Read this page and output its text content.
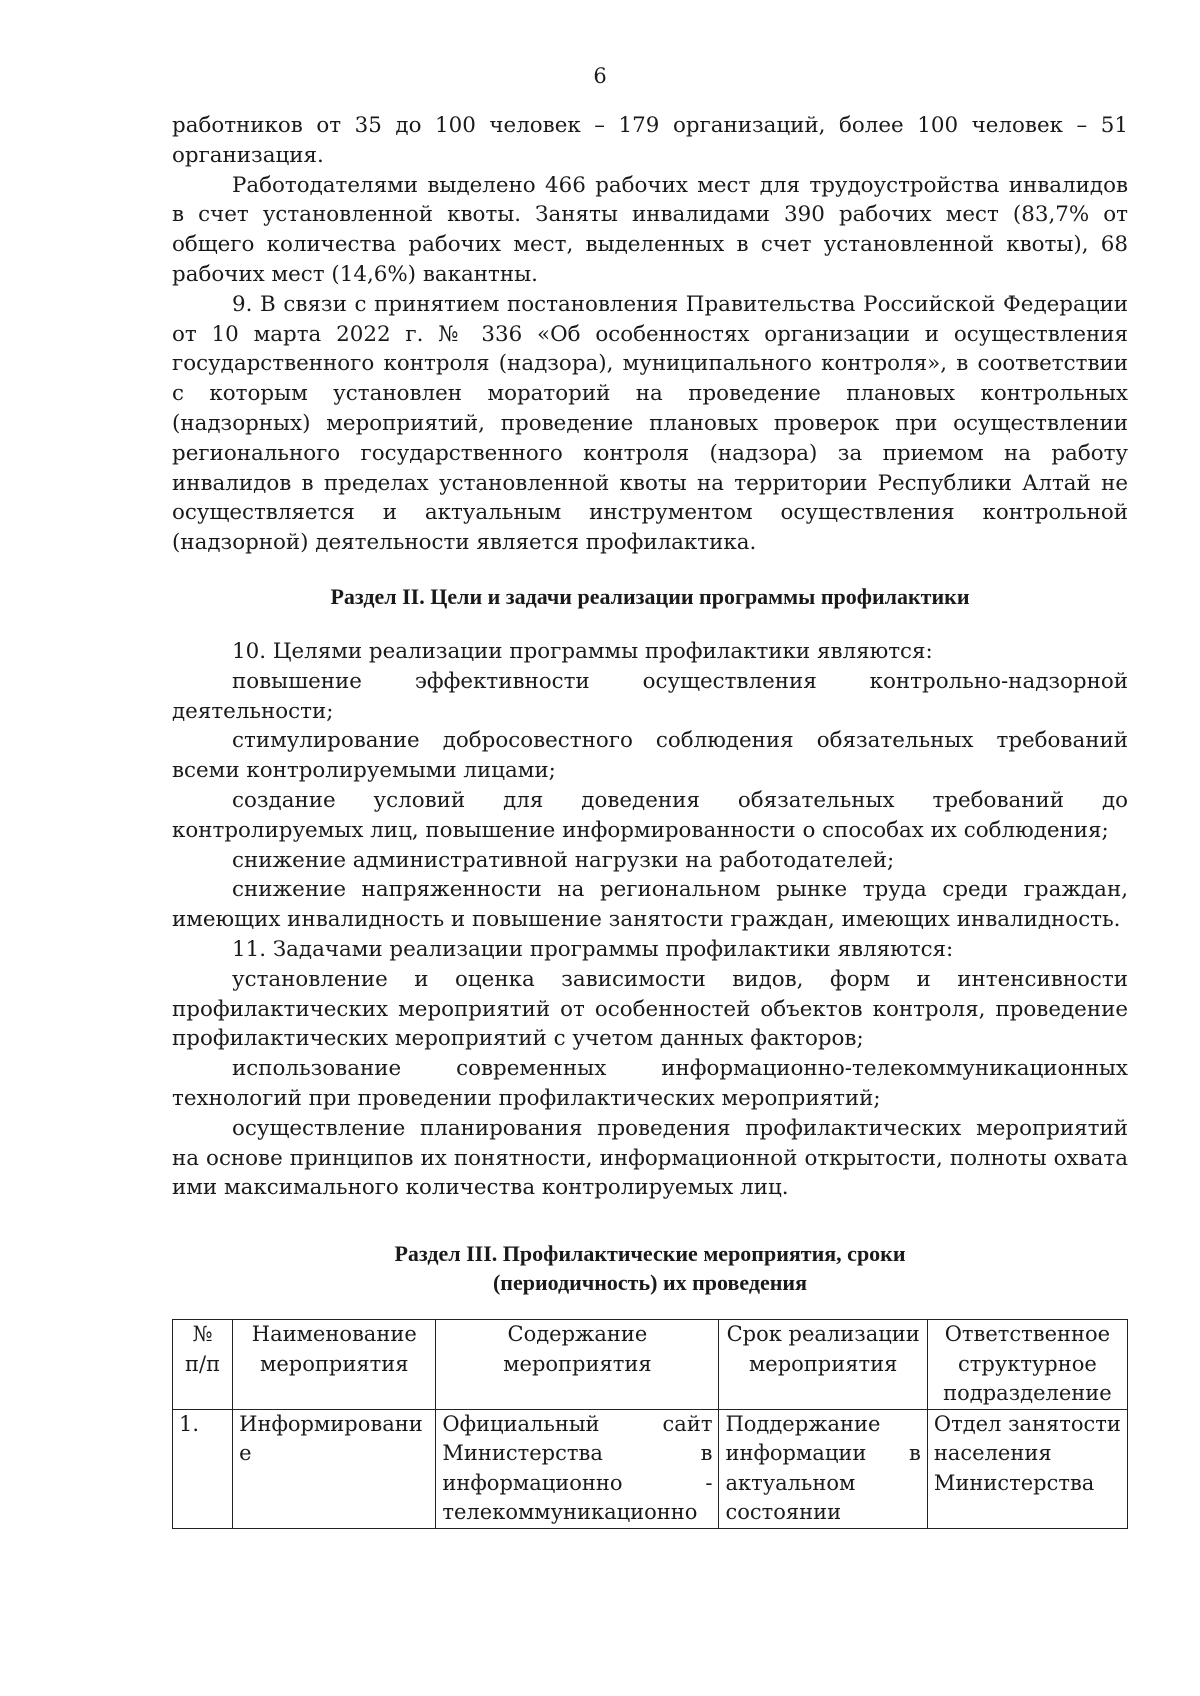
6

работников от 35 до 100 человек – 179 организаций, более 100 человек – 51 организация.

Работодателями выделено 466 рабочих мест для трудоустройства инвалидов в счет установленной квоты. Заняты инвалидами 390 рабочих мест (83,7% от общего количества рабочих мест, выделенных в счет установленной квоты), 68 рабочих мест (14,6%) вакантны.

9. В связи с принятием постановления Правительства Российской Федерации от 10 марта 2022 г. № 336 «Об особенностях организации и осуществления государственного контроля (надзора), муниципального контроля», в соответствии с которым установлен мораторий на проведение плановых контрольных (надзорных) мероприятий, проведение плановых проверок при осуществлении регионального государственного контроля (надзора) за приемом на работу инвалидов в пределах установленной квоты на территории Республики Алтай не осуществляется и актуальным инструментом осуществления контрольной (надзорной) деятельности является профилактика.

Раздел II. Цели и задачи реализации программы профилактики

10. Целями реализации программы профилактики являются:

повышение эффективности осуществления контрольно-надзорной деятельности;

стимулирование добросовестного соблюдения обязательных требований всеми контролируемыми лицами;

создание условий для доведения обязательных требований до контролируемых лиц, повышение информированности о способах их соблюдения;

снижение административной нагрузки на работодателей;

снижение напряженности на региональном рынке труда среди граждан, имеющих инвалидность и повышение занятости граждан, имеющих инвалидность.

11. Задачами реализации программы профилактики являются:

установление и оценка зависимости видов, форм и интенсивности профилактических мероприятий от особенностей объектов контроля, проведение профилактических мероприятий с учетом данных факторов;

использование современных информационно-телекоммуникационных технологий при проведении профилактических мероприятий;

осуществление планирования проведения профилактических мероприятий на основе принципов их понятности, информационной открытости, полноты охвата ими максимального количества контролируемых лиц.

Раздел III. Профилактические мероприятия, сроки
(периодичность) их проведения
№ п/п	Наименование мероприятия	Содержание мероприятия	Срок реализации мероприятия	Ответственное структурное подразделение
1.	Информирование	Официальный сайт Министерства в информационно - телекоммуникационно	Поддержание информации в актуальном состоянии	Отдел занятости населения Министерства
